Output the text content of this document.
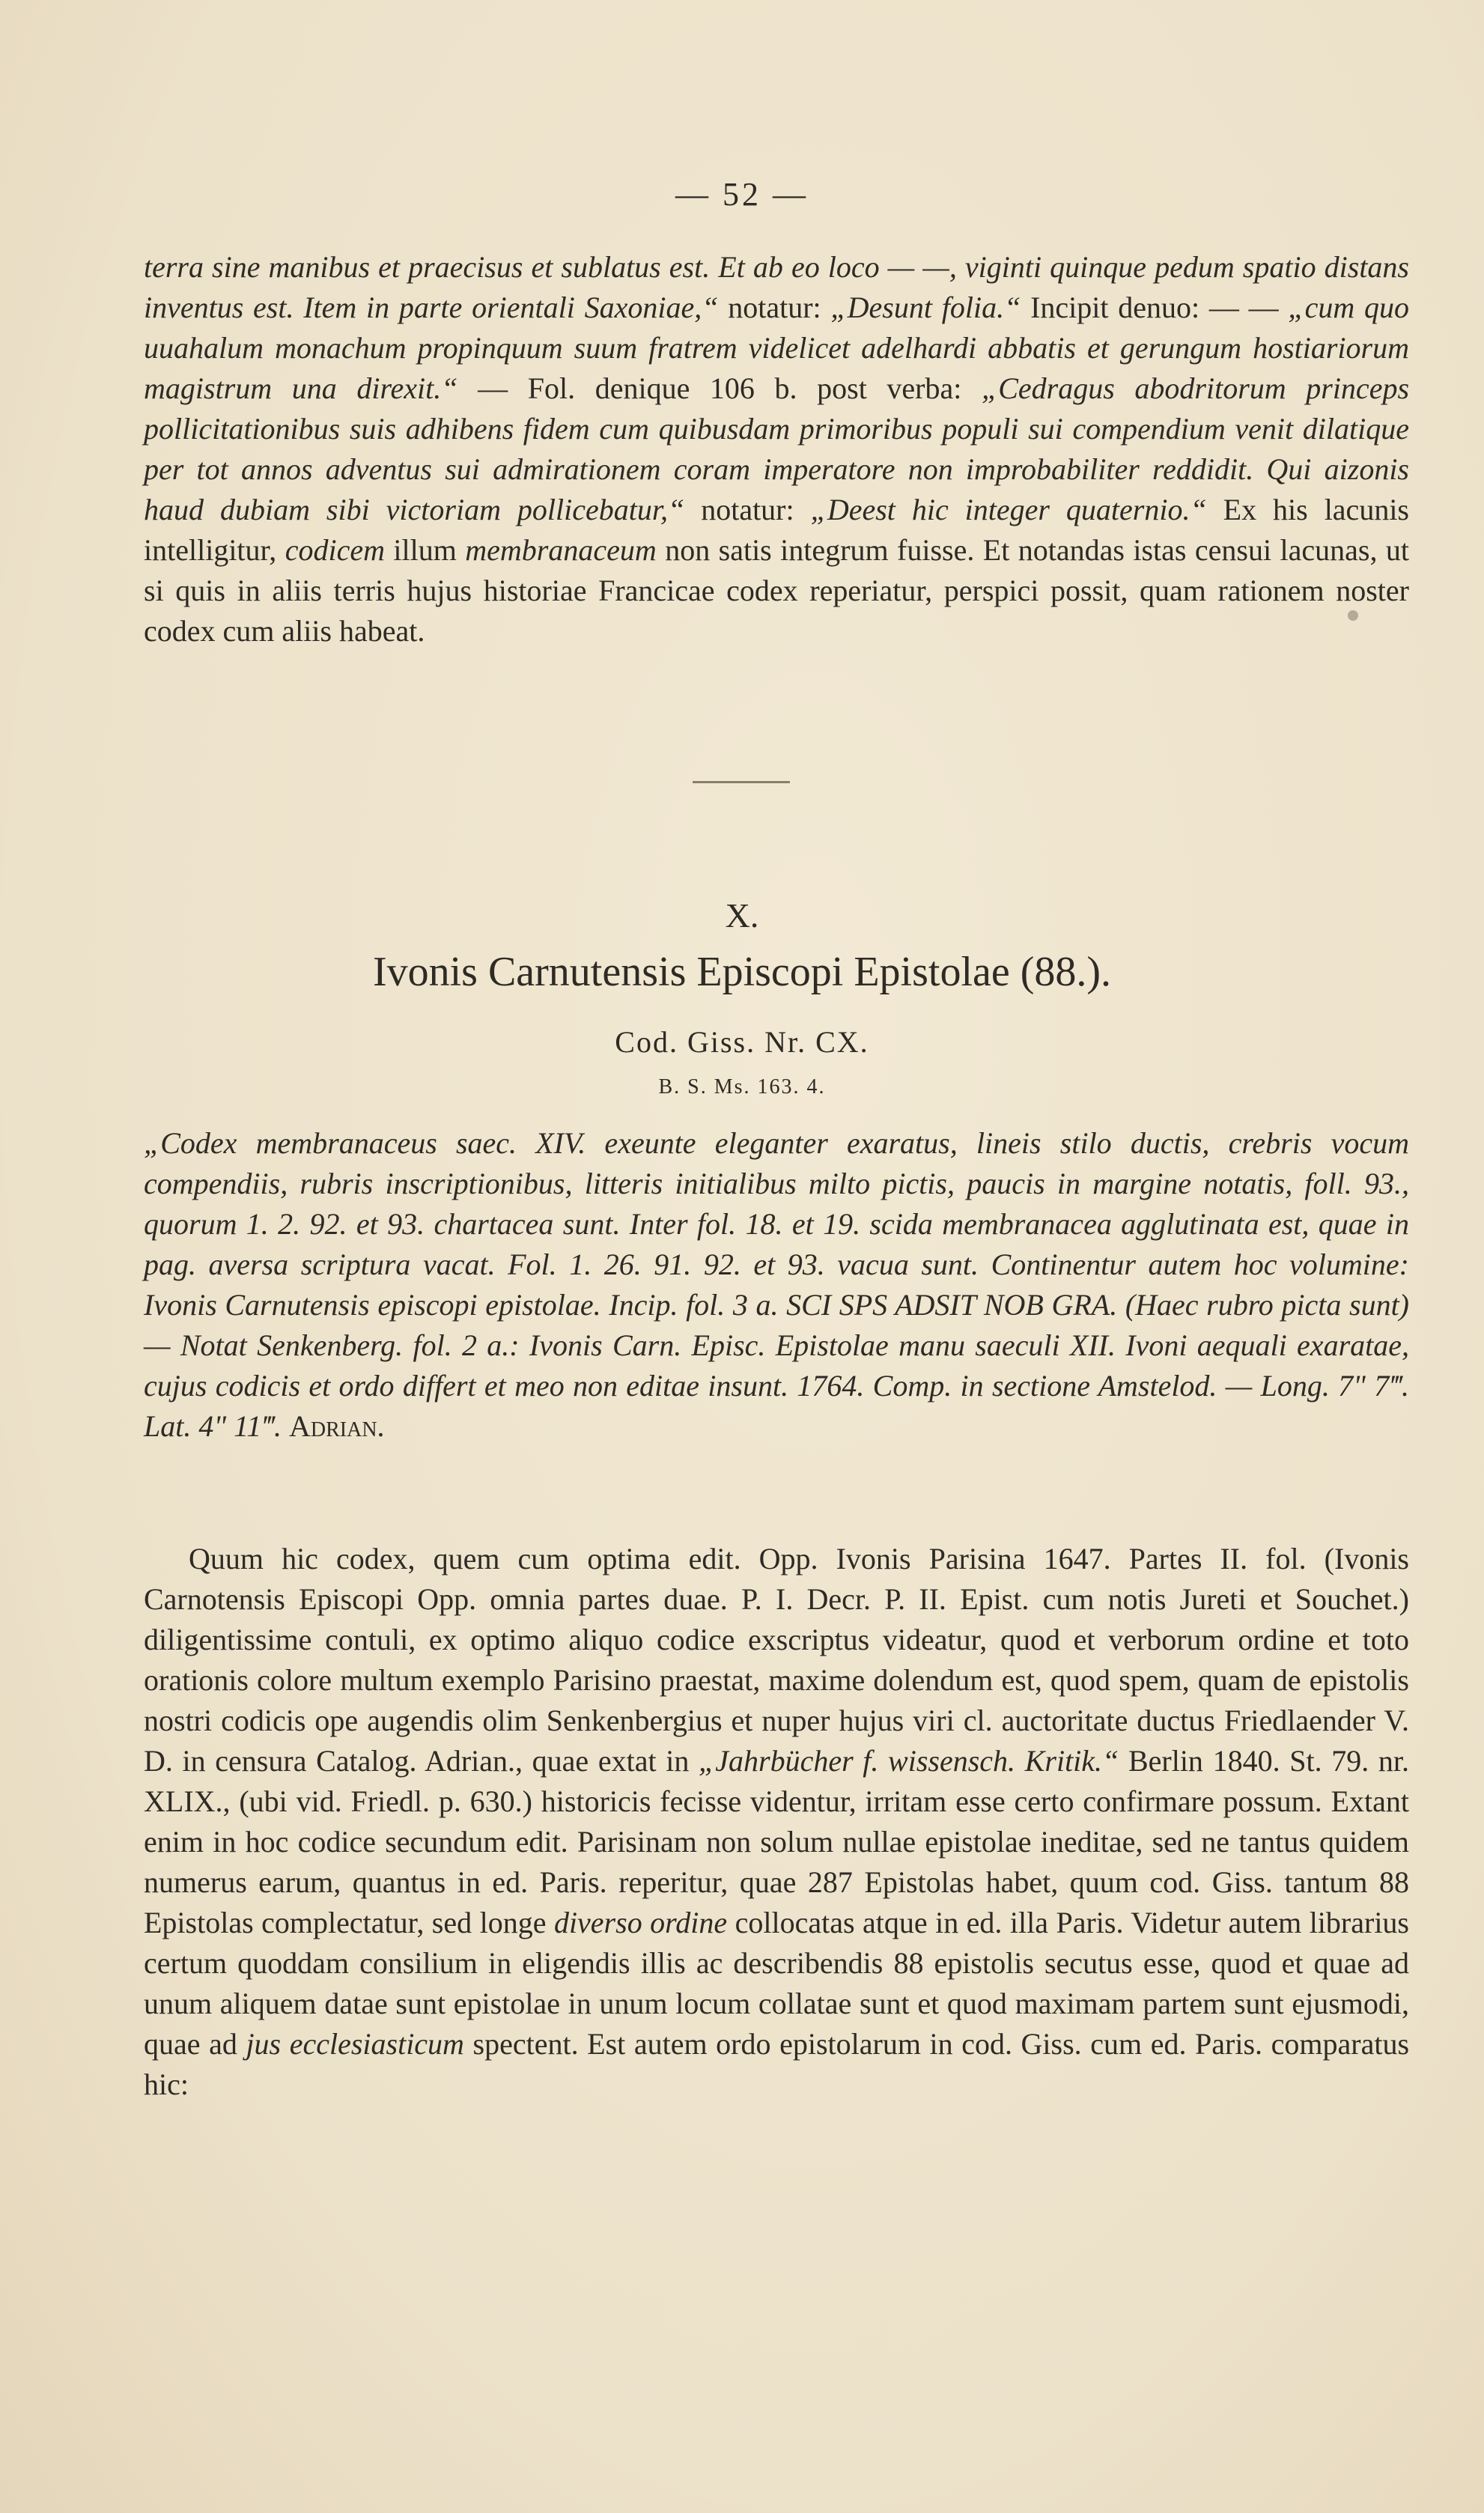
— 52 —

terra sine manibus et praecisus et sublatus est. Et ab eo loco — —, viginti quinque pedum spatio distans inventus est. Item in parte orientali Saxoniae,“ notatur: „Desunt folia.“ Incipit denuo: — — „cum quo uuahalum monachum propinquum suum fratrem videlicet adelhardi abbatis et gerungum hostiariorum magistrum una direxit.“ — Fol. denique 106 b. post verba: „Cedragus abodritorum princeps pollicitationibus suis adhibens fidem cum quibusdam primoribus populi sui compendium venit dilatique per tot annos adventus sui admirationem coram imperatore non improbabiliter reddidit. Qui aizonis haud dubiam sibi victoriam pollicebatur,“ notatur: „Deest hic integer quaternio.“ Ex his lacunis intelligitur, codicem illum membranaceum non satis integrum fuisse. Et notandas istas censui lacunas, ut si quis in aliis terris hujus historiae Francicae codex reperiatur, perspici possit, quam rationem noster codex cum aliis habeat.

X.
Ivonis Carnutensis Episcopi Epistolae (88.).
Cod. Giss. Nr. CX.
B. S. Ms. 163. 4.

„Codex membranaceus saec. XIV. exeunte eleganter exaratus, lineis stilo ductis, crebris vocum compendiis, rubris inscriptionibus, litteris initialibus milto pictis, paucis in margine notatis, foll. 93., quorum 1. 2. 92. et 93. chartacea sunt. Inter fol. 18. et 19. scida membranacea agglutinata est, quae in pag. aversa scriptura vacat. Fol. 1. 26. 91. 92. et 93. vacua sunt. Continentur autem hoc volumine: Ivonis Carnutensis episcopi epistolae. Incip. fol. 3 a. SCI SPS ADSIT NOB GRA. (Haec rubro picta sunt) — Notat Senkenberg. fol. 2 a.: Ivonis Carn. Episc. Epistolae manu saeculi XII. Ivoni aequali exaratae, cujus codicis et ordo differt et meo non editae insunt. 1764. Comp. in sectione Amstelod. — Long. 7" 7‴. Lat. 4" 11‴. Adrian.

Quum hic codex, quem cum optima edit. Opp. Ivonis Parisina 1647. Partes II. fol. (Ivonis Carnotensis Episcopi Opp. omnia partes duae. P. I. Decr. P. II. Epist. cum notis Jureti et Souchet.) diligentissime contuli, ex optimo aliquo codice exscriptus videatur, quod et verborum ordine et toto orationis colore multum exemplo Parisino praestat, maxime dolendum est, quod spem, quam de epistolis nostri codicis ope augendis olim Senkenbergius et nuper hujus viri cl. auctoritate ductus Friedlaender V. D. in censura Catalog. Adrian., quae extat in „Jahrbücher f. wissensch. Kritik.“ Berlin 1840. St. 79. nr. XLIX., (ubi vid. Friedl. p. 630.) historicis fecisse videntur, irritam esse certo confirmare possum. Extant enim in hoc codice secundum edit. Parisinam non solum nullae epistolae ineditae, sed ne tantus quidem numerus earum, quantus in ed. Paris. reperitur, quae 287 Epistolas habet, quum cod. Giss. tantum 88 Epistolas complectatur, sed longe diverso ordine collocatas atque in ed. illa Paris. Videtur autem librarius certum quoddam consilium in eligendis illis ac describendis 88 epistolis secutus esse, quod et quae ad unum aliquem datae sunt epistolae in unum locum collatae sunt et quod maximam partem sunt ejusmodi, quae ad jus ecclesiasticum spectent. Est autem ordo epistolarum in cod. Giss. cum ed. Paris. comparatus hic:
